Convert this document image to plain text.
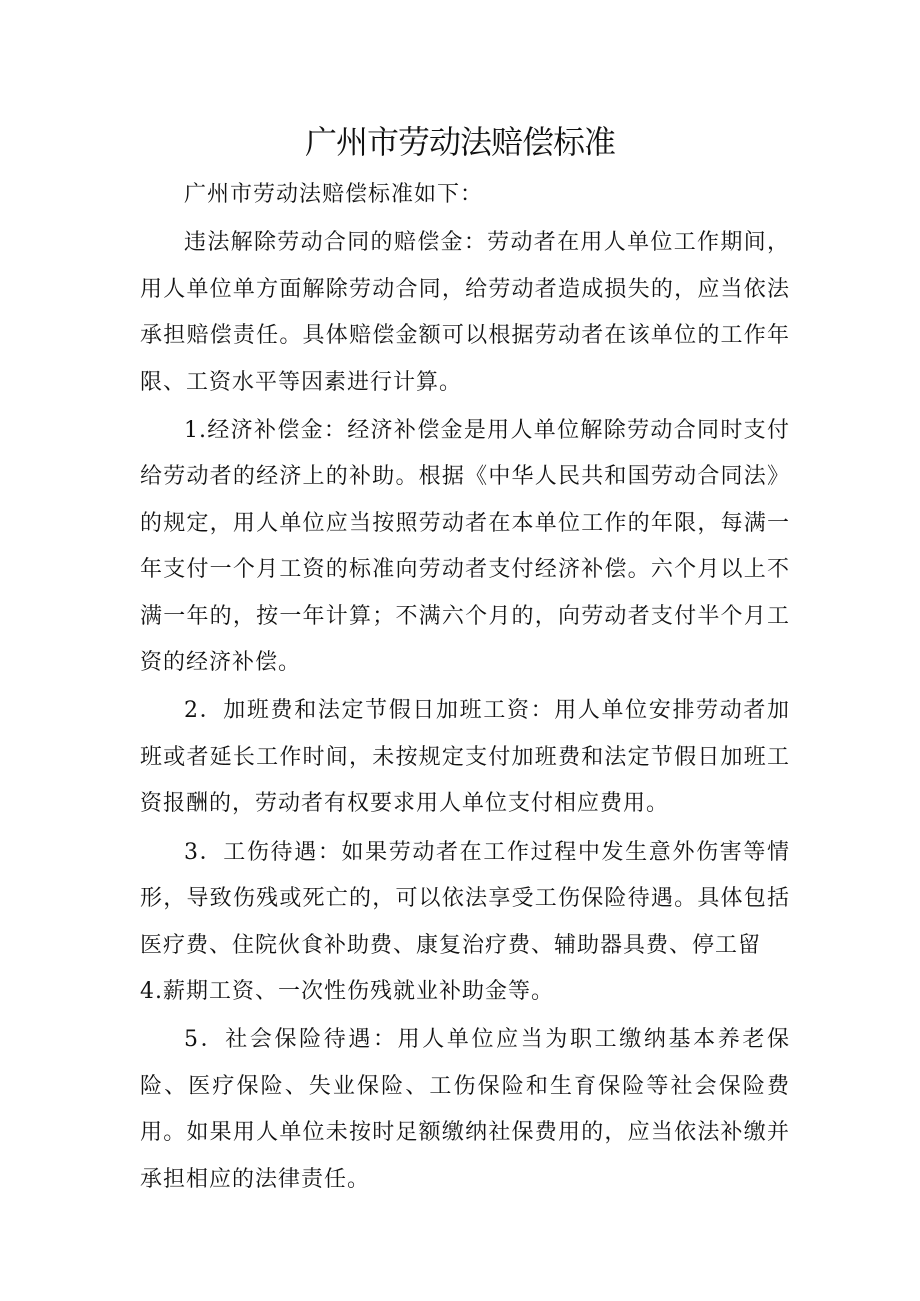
广州市劳动法赔偿标准

广州市劳动法赔偿标准如下：

违法解除劳动合同的赔偿金：劳动者在用人单位工作期间，用人单位单方面解除劳动合同，给劳动者造成损失的，应当依法承担赔偿责任。具体赔偿金额可以根据劳动者在该单位的工作年限、工资水平等因素进行计算。

1.经济补偿金：经济补偿金是用人单位解除劳动合同时支付给劳动者的经济上的补助。根据《中华人民共和国劳动合同法》的规定，用人单位应当按照劳动者在本单位工作的年限，每满一年支付一个月工资的标准向劳动者支付经济补偿。六个月以上不满一年的，按一年计算；不满六个月的，向劳动者支付半个月工资的经济补偿。

2．加班费和法定节假日加班工资：用人单位安排劳动者加班或者延长工作时间，未按规定支付加班费和法定节假日加班工资报酬的，劳动者有权要求用人单位支付相应费用。

3．工伤待遇：如果劳动者在工作过程中发生意外伤害等情形，导致伤残或死亡的，可以依法享受工伤保险待遇。具体包括医疗费、住院伙食补助费、康复治疗费、辅助器具费、停工留

4.薪期工资、一次性伤残就业补助金等。

5．社会保险待遇：用人单位应当为职工缴纳基本养老保险、医疗保险、失业保险、工伤保险和生育保险等社会保险费用。如果用人单位未按时足额缴纳社保费用的，应当依法补缴并承担相应的法律责任。
